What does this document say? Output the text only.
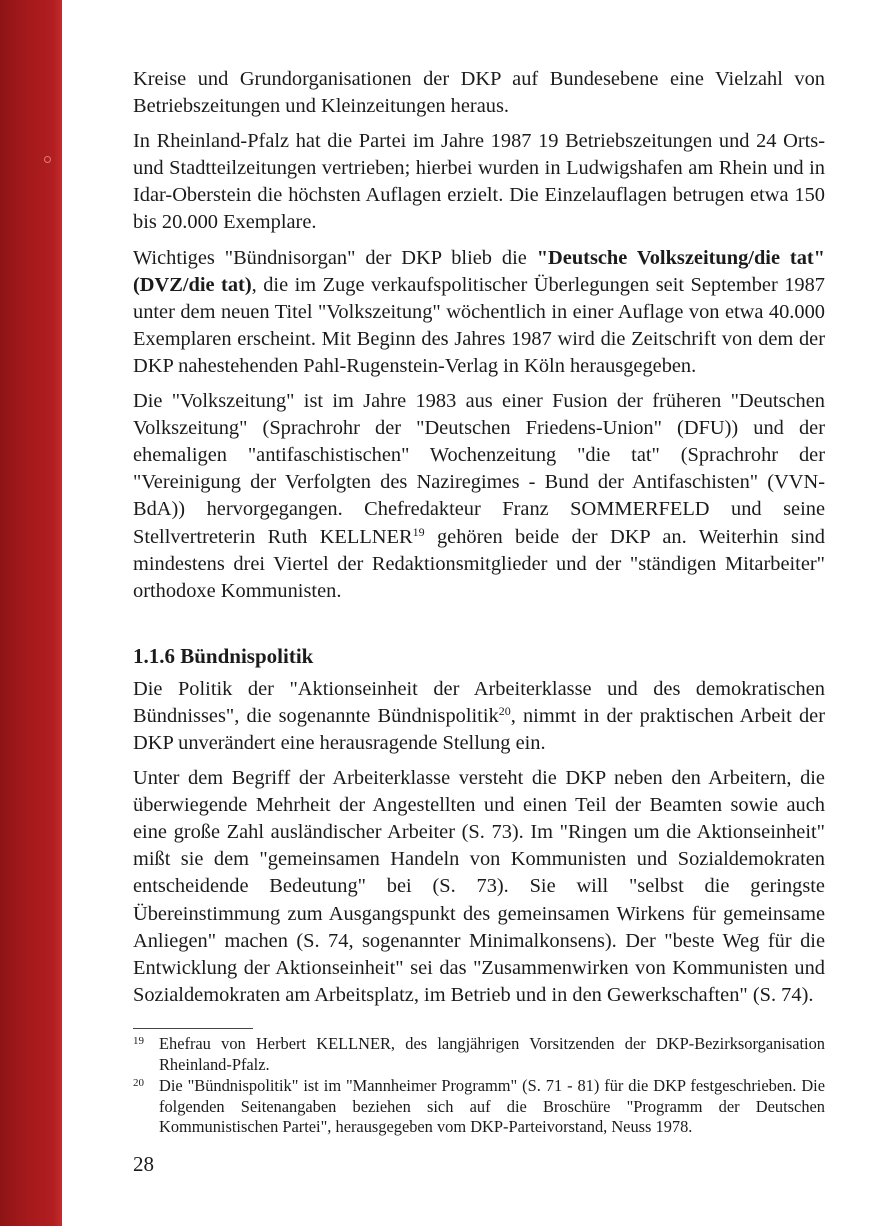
Kreise und Grundorganisationen der DKP auf Bundesebene eine Vielzahl von Betriebszeitungen und Kleinzeitungen heraus.

In Rheinland-Pfalz hat die Partei im Jahre 1987 19 Betriebszeitungen und 24 Orts- und Stadtteilzeitungen vertrieben; hierbei wurden in Ludwigshafen am Rhein und in Idar-Oberstein die höchsten Auflagen erzielt. Die Einzelauflagen betrugen etwa 150 bis 20.000 Exemplare.

Wichtiges "Bündnisorgan" der DKP blieb die "Deutsche Volkszeitung/die tat" (DVZ/die tat), die im Zuge verkaufspolitischer Überlegungen seit September 1987 unter dem neuen Titel "Volkszeitung" wöchentlich in einer Auflage von etwa 40.000 Exemplaren erscheint. Mit Beginn des Jahres 1987 wird die Zeitschrift von dem der DKP nahestehenden Pahl-Rugenstein-Verlag in Köln herausgegeben.

Die "Volkszeitung" ist im Jahre 1983 aus einer Fusion der früheren "Deutschen Volkszeitung" (Sprachrohr der "Deutschen Friedens-Union" (DFU)) und der ehemaligen "antifaschistischen" Wochenzeitung "die tat" (Sprachrohr der "Vereinigung der Verfolgten des Naziregimes - Bund der Antifaschisten" (VVN-BdA)) hervorgegangen. Chefredakteur Franz SOMMERFELD und seine Stellvertreterin Ruth KELLNER$^{19}$ gehören beide der DKP an. Weiterhin sind mindestens drei Viertel der Redaktionsmitglieder und der "ständigen Mitarbeiter" orthodoxe Kommunisten.

1.1.6 Bündnispolitik

Die Politik der "Aktionseinheit der Arbeiterklasse und des demokratischen Bündnisses", die sogenannte Bündnispolitik$^{20}$, nimmt in der praktischen Arbeit der DKP unverändert eine herausragende Stellung ein.

Unter dem Begriff der Arbeiterklasse versteht die DKP neben den Arbeitern, die überwiegende Mehrheit der Angestellten und einen Teil der Beamten sowie auch eine große Zahl ausländischer Arbeiter (S. 73). Im "Ringen um die Aktionseinheit" mißt sie dem "gemeinsamen Handeln von Kommunisten und Sozialdemokraten entscheidende Bedeutung" bei (S. 73). Sie will "selbst die geringste Übereinstimmung zum Ausgangspunkt des gemeinsamen Wirkens für gemeinsame Anliegen" machen (S. 74, sogenannter Minimalkonsens). Der "beste Weg für die Entwicklung der Aktionseinheit" sei das "Zusammenwirken von Kommunisten und Sozialdemokraten am Arbeitsplatz, im Betrieb und in den Gewerkschaften" (S. 74).

19 Ehefrau von Herbert KELLNER, des langjährigen Vorsitzenden der DKP-Bezirksorganisation Rheinland-Pfalz.
20 Die "Bündnispolitik" ist im "Mannheimer Programm" (S. 71 - 81) für die DKP festgeschrieben. Die folgenden Seitenangaben beziehen sich auf die Broschüre "Programm der Deutschen Kommunistischen Partei", herausgegeben vom DKP-Parteivorstand, Neuss 1978.
28
